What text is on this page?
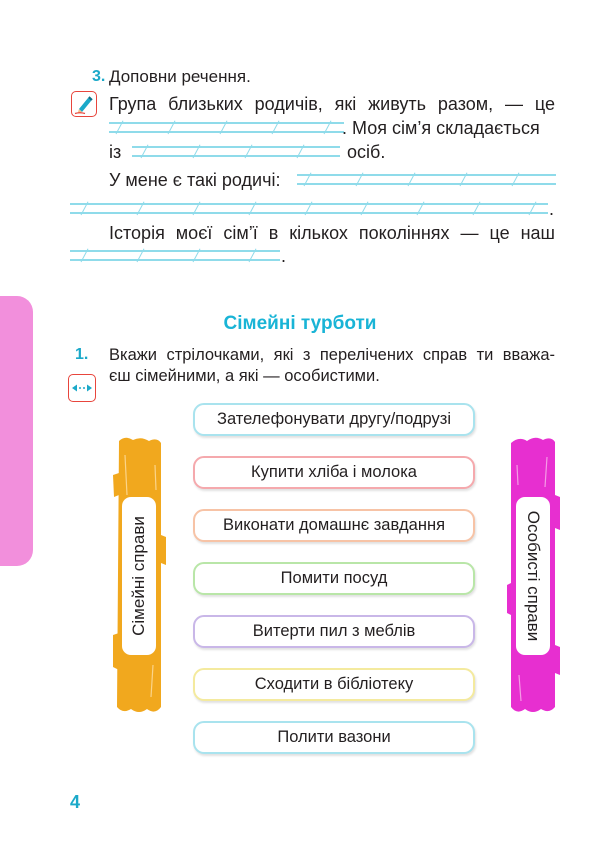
3. Доповни речення.
Група близьких родичів, які живуть разом, — це
. Моя сім’я складається
із	осіб.
У мене є такі родичі:
.
Історія моєї сім’ї в кількох поколіннях — це наш
.
Сімейні турботи
1. Вкажи стрілочками, які з перелічених справ ти вважа-
єш сімейними, а які — особистими.
Сімейні справи	Особисті справи
Зателефонувати другу/подрузі
Купити хліба і молока
Виконати домашнє завдання
Помити посуд
Витерти пил з меблів
Сходити в бібліотеку
Полити вазони
4
